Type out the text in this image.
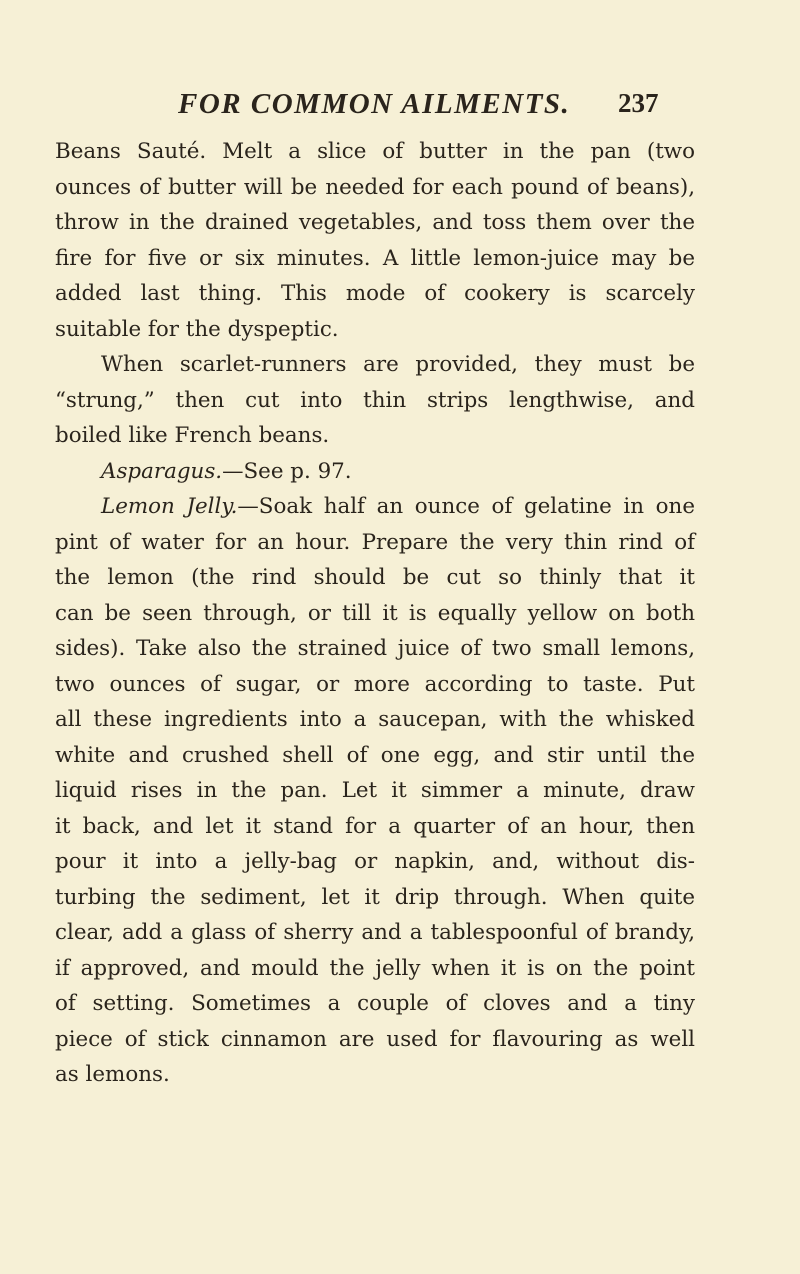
FOR COMMON AILMENTS. 237
Beans Sauté. Melt a slice of butter in the pan (two
ounces of butter will be needed for each pound of beans),
throw in the drained vegetables, and toss them over the
fire for five or six minutes. A little lemon-juice may be
added last thing. This mode of cookery is scarcely
suitable for the dyspeptic.
When scarlet-runners are provided, they must be
“strung,” then cut into thin strips lengthwise, and
boiled like French beans.
Asparagus.—See p. 97.
Lemon Jelly.—Soak half an ounce of gelatine in one
pint of water for an hour. Prepare the very thin rind of
the lemon (the rind should be cut so thinly that it
can be seen through, or till it is equally yellow on both
sides). Take also the strained juice of two small lemons,
two ounces of sugar, or more according to taste. Put
all these ingredients into a saucepan, with the whisked
white and crushed shell of one egg, and stir until the
liquid rises in the pan. Let it simmer a minute, draw
it back, and let it stand for a quarter of an hour, then
pour it into a jelly-bag or napkin, and, without dis-
turbing the sediment, let it drip through. When quite
clear, add a glass of sherry and a tablespoonful of brandy,
if approved, and mould the jelly when it is on the point
of setting. Sometimes a couple of cloves and a tiny
piece of stick cinnamon are used for flavouring as well
as lemons.
